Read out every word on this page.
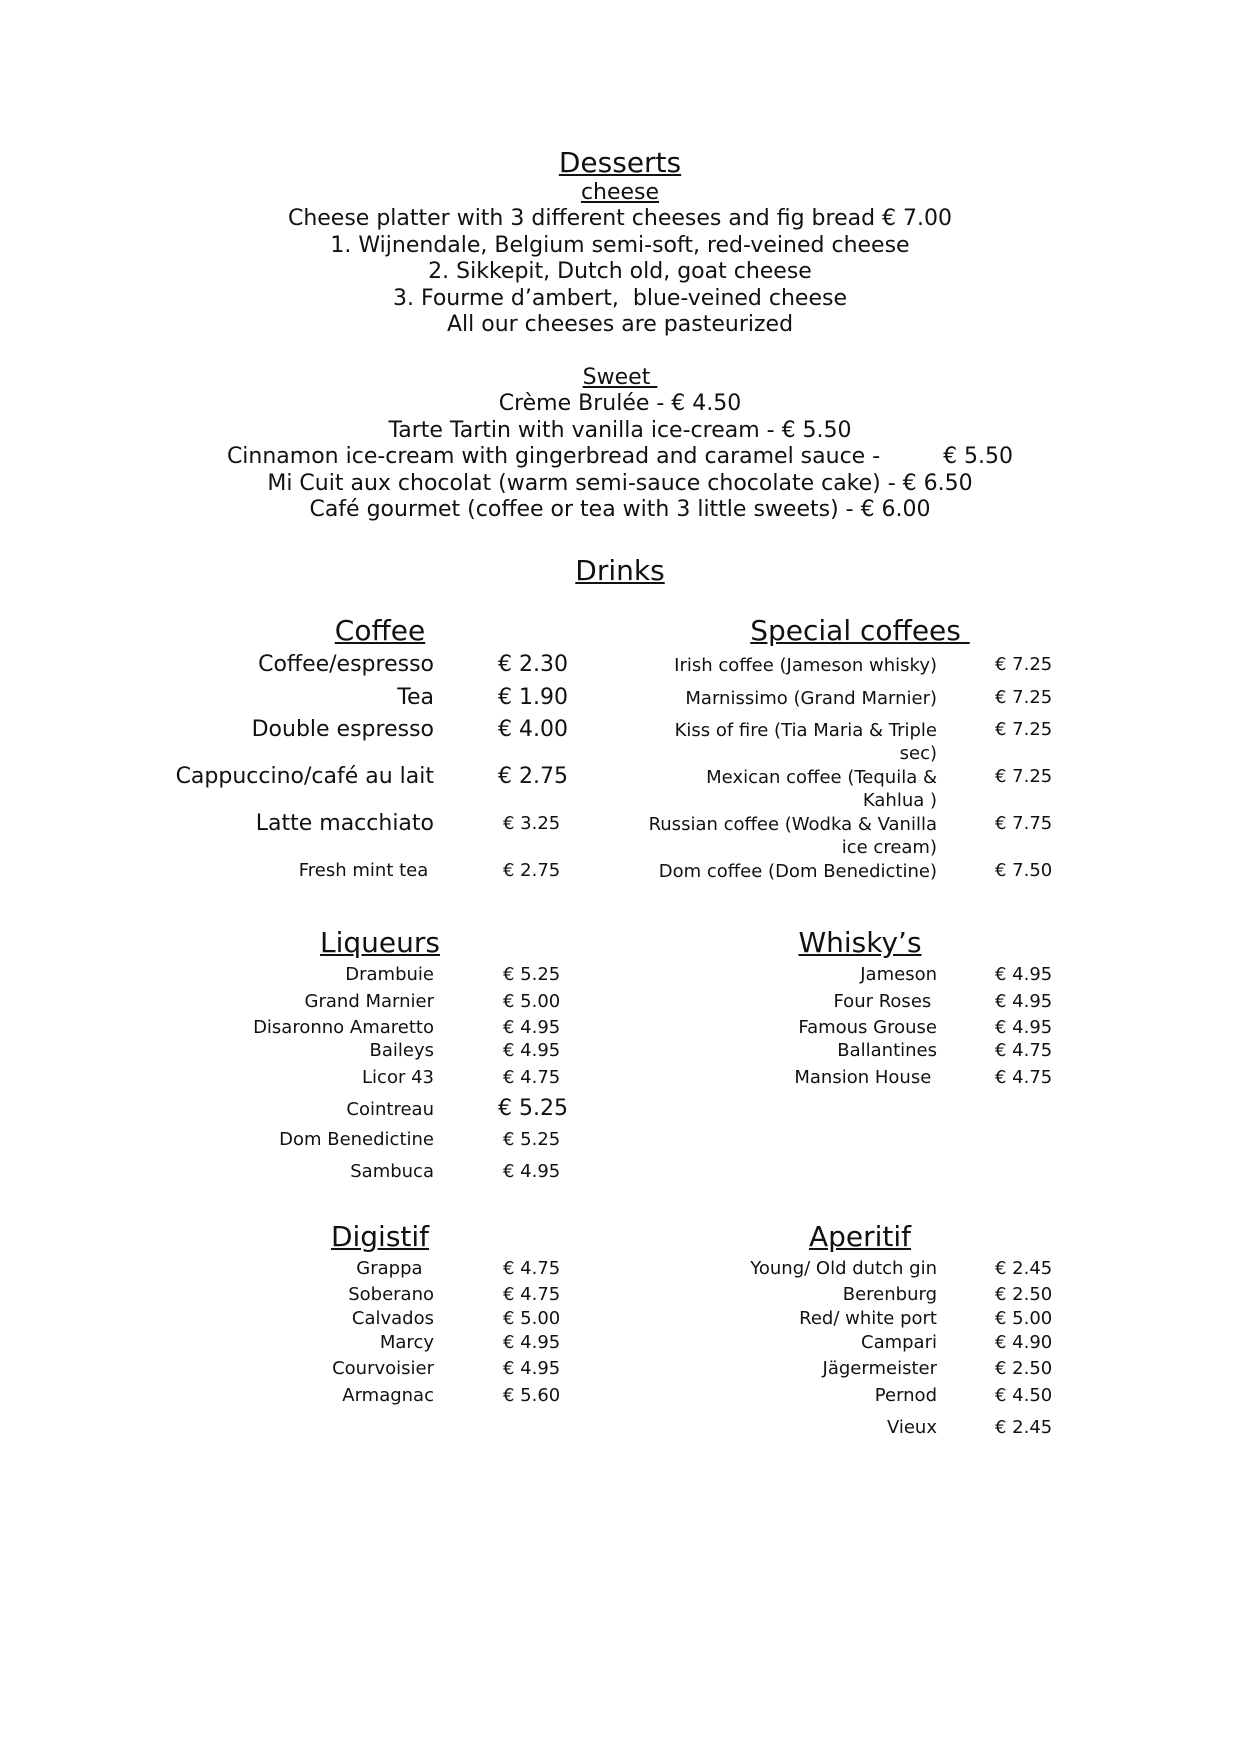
Desserts
cheese
Cheese platter with 3 different cheeses and fig bread € 7.00
1. Wijnendale, Belgium semi-soft, red-veined cheese
2. Sikkepit, Dutch old, goat cheese
3. Fourme d’ambert,  blue-veined cheese
All our cheeses are pasteurized
Sweet
Crème Brulée - € 4.50
Tarte Tartin with vanilla ice-cream - € 5.50
Cinnamon ice-cream with gingerbread and caramel sauce -         € 5.50
Mi Cuit aux chocolat (warm semi-sauce chocolate cake) - € 6.50
Café gourmet (coffee or tea with 3 little sweets) - € 6.00
Drinks
Coffee
Coffee/espresso	€ 2.30
Tea	€ 1.90
Double espresso	€ 4.00
Cappuccino/café au lait	€ 2.75
Latte macchiato	€ 3.25
Fresh mint tea	€ 2.75
Special coffees
Irish coffee (Jameson whisky)	€ 7.25
Marnissimo (Grand Marnier)	€ 7.25
Kiss of fire (Tia Maria & Triple sec)
€ 7.25
Mexican coffee (Tequila & Kahlua )
€ 7.25
Russian coffee (Wodka & Vanilla ice cream)
€ 7.75
Dom coffee (Dom Benedictine)	€ 7.50
Liqueurs
Drambuie	€ 5.25
Grand Marnier	€ 5.00
Disaronno Amaretto	€ 4.95
Baileys	€ 4.95
Licor 43	€ 4.75
Cointreau	€ 5.25
Dom Benedictine	€ 5.25
Sambuca	€ 4.95
Whisky’s
Jameson	€ 4.95
Four Roses	€ 4.95
Famous Grouse	€ 4.95
Ballantines	€ 4.75
Mansion House	€ 4.75
Digistif
Grappa	€ 4.75
Soberano	€ 4.75
Calvados	€ 5.00
Marcy	€ 4.95
Courvoisier	€ 4.95
Armagnac	€ 5.60
Aperitif
Young/ Old dutch gin	€ 2.45
Berenburg	€ 2.50
Red/ white port	€ 5.00
Campari	€ 4.90
Jägermeister	€ 2.50
Pernod	€ 4.50
Vieux	€ 2.45
